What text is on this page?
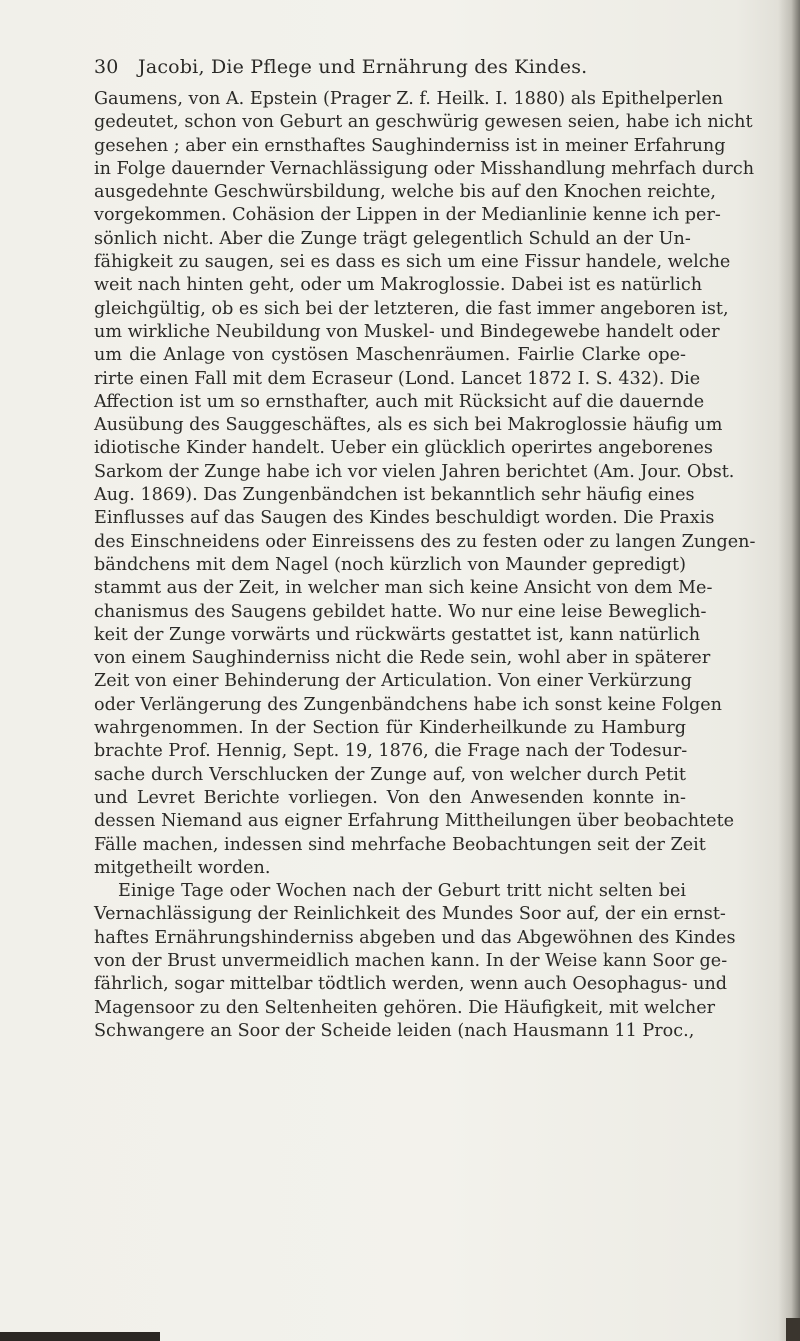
30 Jacobi, Die Pflege und Ernährung des Kindes.
Gaumens, von A. Epstein (Prager Z. f. Heilk. I. 1880) als Epithelperlen
gedeutet, schon von Geburt an geschwürig gewesen seien, habe ich nicht
gesehen ; aber ein ernsthaftes Saughinderniss ist in meiner Erfahrung
in Folge dauernder Vernachlässigung oder Misshandlung mehrfach durch
ausgedehnte Geschwürsbildung, welche bis auf den Knochen reichte,
vorgekommen. Cohäsion der Lippen in der Medianlinie kenne ich per-
sönlich nicht. Aber die Zunge trägt gelegentlich Schuld an der Un-
fähigkeit zu saugen, sei es dass es sich um eine Fissur handele, welche
weit nach hinten geht, oder um Makroglossie. Dabei ist es natürlich
gleichgültig, ob es sich bei der letzteren, die fast immer angeboren ist,
um wirkliche Neubildung von Muskel- und Bindegewebe handelt oder
um die Anlage von cystösen Maschenräumen. Fairlie Clarke ope-
rirte einen Fall mit dem Ecraseur (Lond. Lancet 1872 I. S. 432). Die
Affection ist um so ernsthafter, auch mit Rücksicht auf die dauernde
Ausübung des Sauggeschäftes, als es sich bei Makroglossie häufig um
idiotische Kinder handelt. Ueber ein glücklich operirtes angeborenes
Sarkom der Zunge habe ich vor vielen Jahren berichtet (Am. Jour. Obst.
Aug. 1869). Das Zungenbändchen ist bekanntlich sehr häufig eines
Einflusses auf das Saugen des Kindes beschuldigt worden. Die Praxis
des Einschneidens oder Einreissens des zu festen oder zu langen Zungen-
bändchens mit dem Nagel (noch kürzlich von Maunder gepredigt)
stammt aus der Zeit, in welcher man sich keine Ansicht von dem Me-
chanismus des Saugens gebildet hatte. Wo nur eine leise Beweglich-
keit der Zunge vorwärts und rückwärts gestattet ist, kann natürlich
von einem Saughinderniss nicht die Rede sein, wohl aber in späterer
Zeit von einer Behinderung der Articulation. Von einer Verkürzung
oder Verlängerung des Zungenbändchens habe ich sonst keine Folgen
wahrgenommen. In der Section für Kinderheilkunde zu Hamburg
brachte Prof. Hennig, Sept. 19, 1876, die Frage nach der Todesur-
sache durch Verschlucken der Zunge auf, von welcher durch Petit
und Levret Berichte vorliegen. Von den Anwesenden konnte in-
dessen Niemand aus eigner Erfahrung Mittheilungen über beobachtete
Fälle machen, indessen sind mehrfache Beobachtungen seit der Zeit
mitgetheilt worden.
Einige Tage oder Wochen nach der Geburt tritt nicht selten bei
Vernachlässigung der Reinlichkeit des Mundes Soor auf, der ein ernst-
haftes Ernährungshinderniss abgeben und das Abgewöhnen des Kindes
von der Brust unvermeidlich machen kann. In der Weise kann Soor ge-
fährlich, sogar mittelbar tödtlich werden, wenn auch Oesophagus- und
Magensoor zu den Seltenheiten gehören. Die Häufigkeit, mit welcher
Schwangere an Soor der Scheide leiden (nach Hausmann 11 Proc.,
